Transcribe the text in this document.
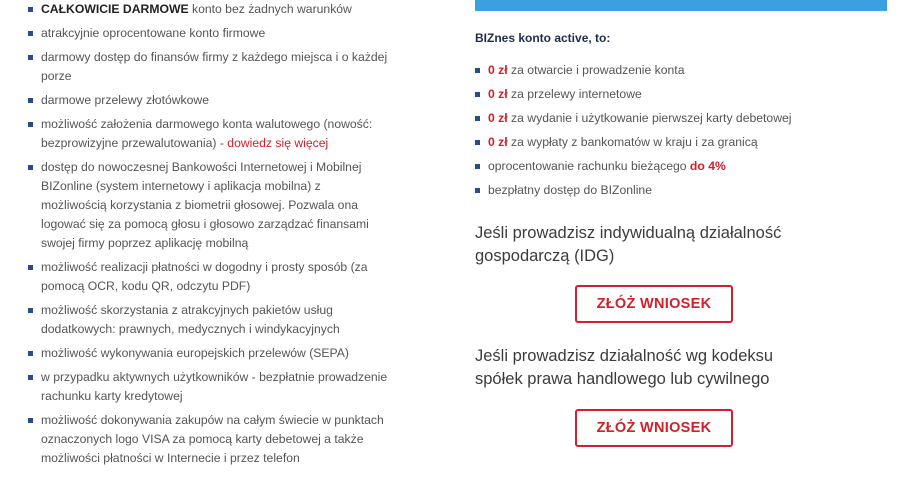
CAŁKOWICIE DARMOWE konto bez żadnych warunków
atrakcyjnie oprocentowane konto firmowe
darmowy dostęp do finansów firmy z każdego miejsca i o każdej porze
darmowe przelewy złotówkowe
możliwość założenia darmowego konta walutowego (nowość: bezprowizyjne przewalutowania) - dowiedz się więcej
dostęp do nowoczesnej Bankowości Internetowej i Mobilnej BIZonline (system internetowy i aplikacja mobilna) z możliwością korzystania z biometrii głosowej. Pozwala ona logować się za pomocą głosu i głosowo zarządzać finansami swojej firmy poprzez aplikację mobilną
możliwość realizacji płatności w dogodny i prosty sposób (za pomocą OCR, kodu QR, odczytu PDF)
możliwość skorzystania z atrakcyjnych pakietów usług dodatkowych: prawnych, medycznych i windykacyjnych
możliwość wykonywania europejskich przelewów (SEPA)
w przypadku aktywnych użytkowników - bezpłatnie prowadzenie rachunku karty kredytowej
możliwość dokonywania zakupów na całym świecie w punktach oznaczonych logo VISA za pomocą karty debetowej a także możliwości płatności w Internecie i przez telefon
BIZnes konto active, to:
0 zł za otwarcie i prowadzenie konta
0 zł za przelewy internetowe
0 zł za wydanie i użytkowanie pierwszej karty debetowej
0 zł za wypłaty z bankomatów w kraju i za granicą
oprocentowanie rachunku bieżącego do 4%
bezpłatny dostęp do BIZonline
Jeśli prowadzisz indywidualną działalność gospodarczą (IDG)
ZŁÓŻ WNIOSEK
Jeśli prowadzisz działalność wg kodeksu spółek prawa handlowego lub cywilnego
ZŁÓŻ WNIOSEK
